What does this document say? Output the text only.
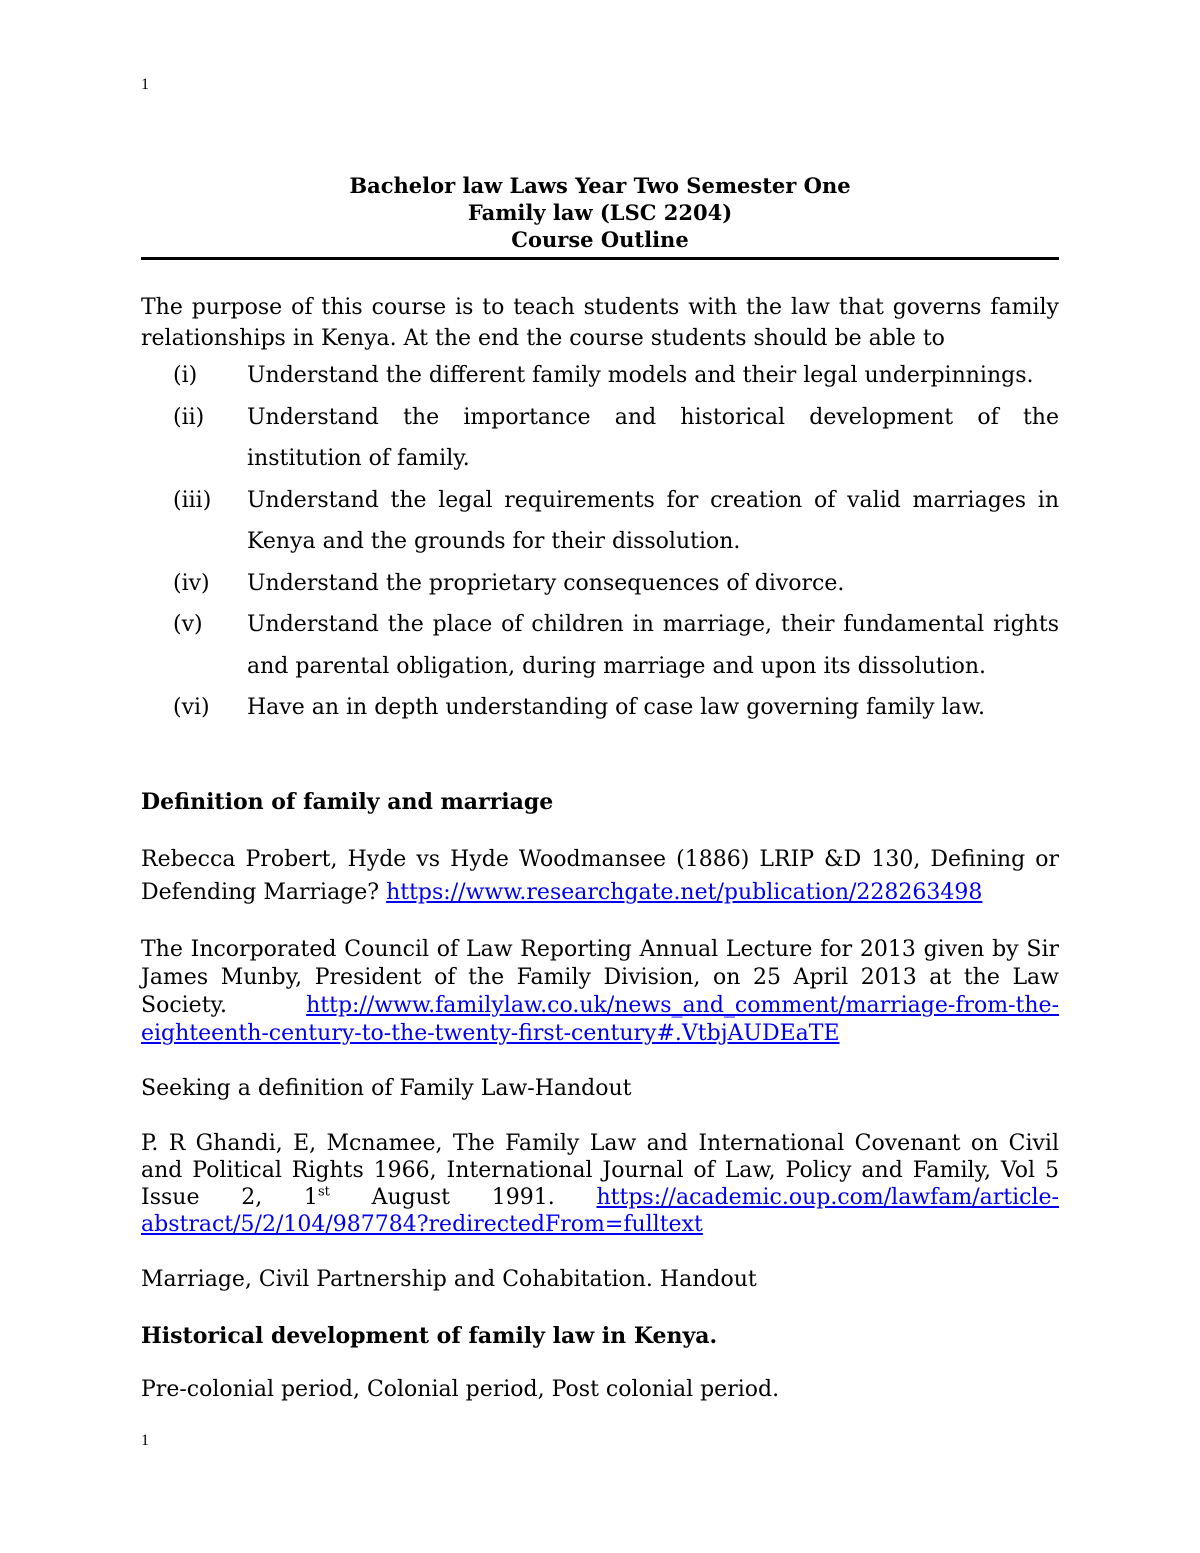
1
Bachelor law Laws Year Two Semester One
Family law (LSC 2204)
Course Outline

The purpose of this course is to teach students with the law that governs family

relationships in Kenya. At the end the course students should be able to

(i)	Understand the different family models and their legal underpinnings.
(ii)	Understand the importance and historical development of the institution of family.
(iii)	Understand the legal requirements for creation of valid marriages in Kenya and the grounds for their dissolution.
(iv)	Understand the proprietary consequences of divorce.
(v)	Understand the place of children in marriage, their fundamental rights and parental obligation, during marriage and upon its dissolution.
(vi)	Have an in depth understanding of case law governing family law.
Definition of family and marriage

Rebecca Probert, Hyde vs Hyde Woodmansee (1886) LRIP &D 130, Defining or Defending Marriage? https://www.researchgate.net/publication/228263498

The Incorporated Council of Law Reporting Annual Lecture for 2013 given by Sir James Munby, President of the Family Division, on 25 April 2013 at the Law Society. http://www.familylaw.co.uk/news_and_comment/marriage-from-the-eighteenth-century-to-the-twenty-first-century#.VtbjAUDEaTE

Seeking a definition of Family Law-Handout

P. R Ghandi, E, Mcnamee, The Family Law and International Covenant on Civil and Political Rights 1966, International Journal of Law, Policy and Family, Vol 5 Issue 2, 1st August 1991. https://academic.oup.com/lawfam/article-abstract/5/2/104/987784?redirectedFrom=fulltext

Marriage, Civil Partnership and Cohabitation. Handout

Historical development of family law in Kenya.

Pre-colonial period, Colonial period, Post colonial period.

1
